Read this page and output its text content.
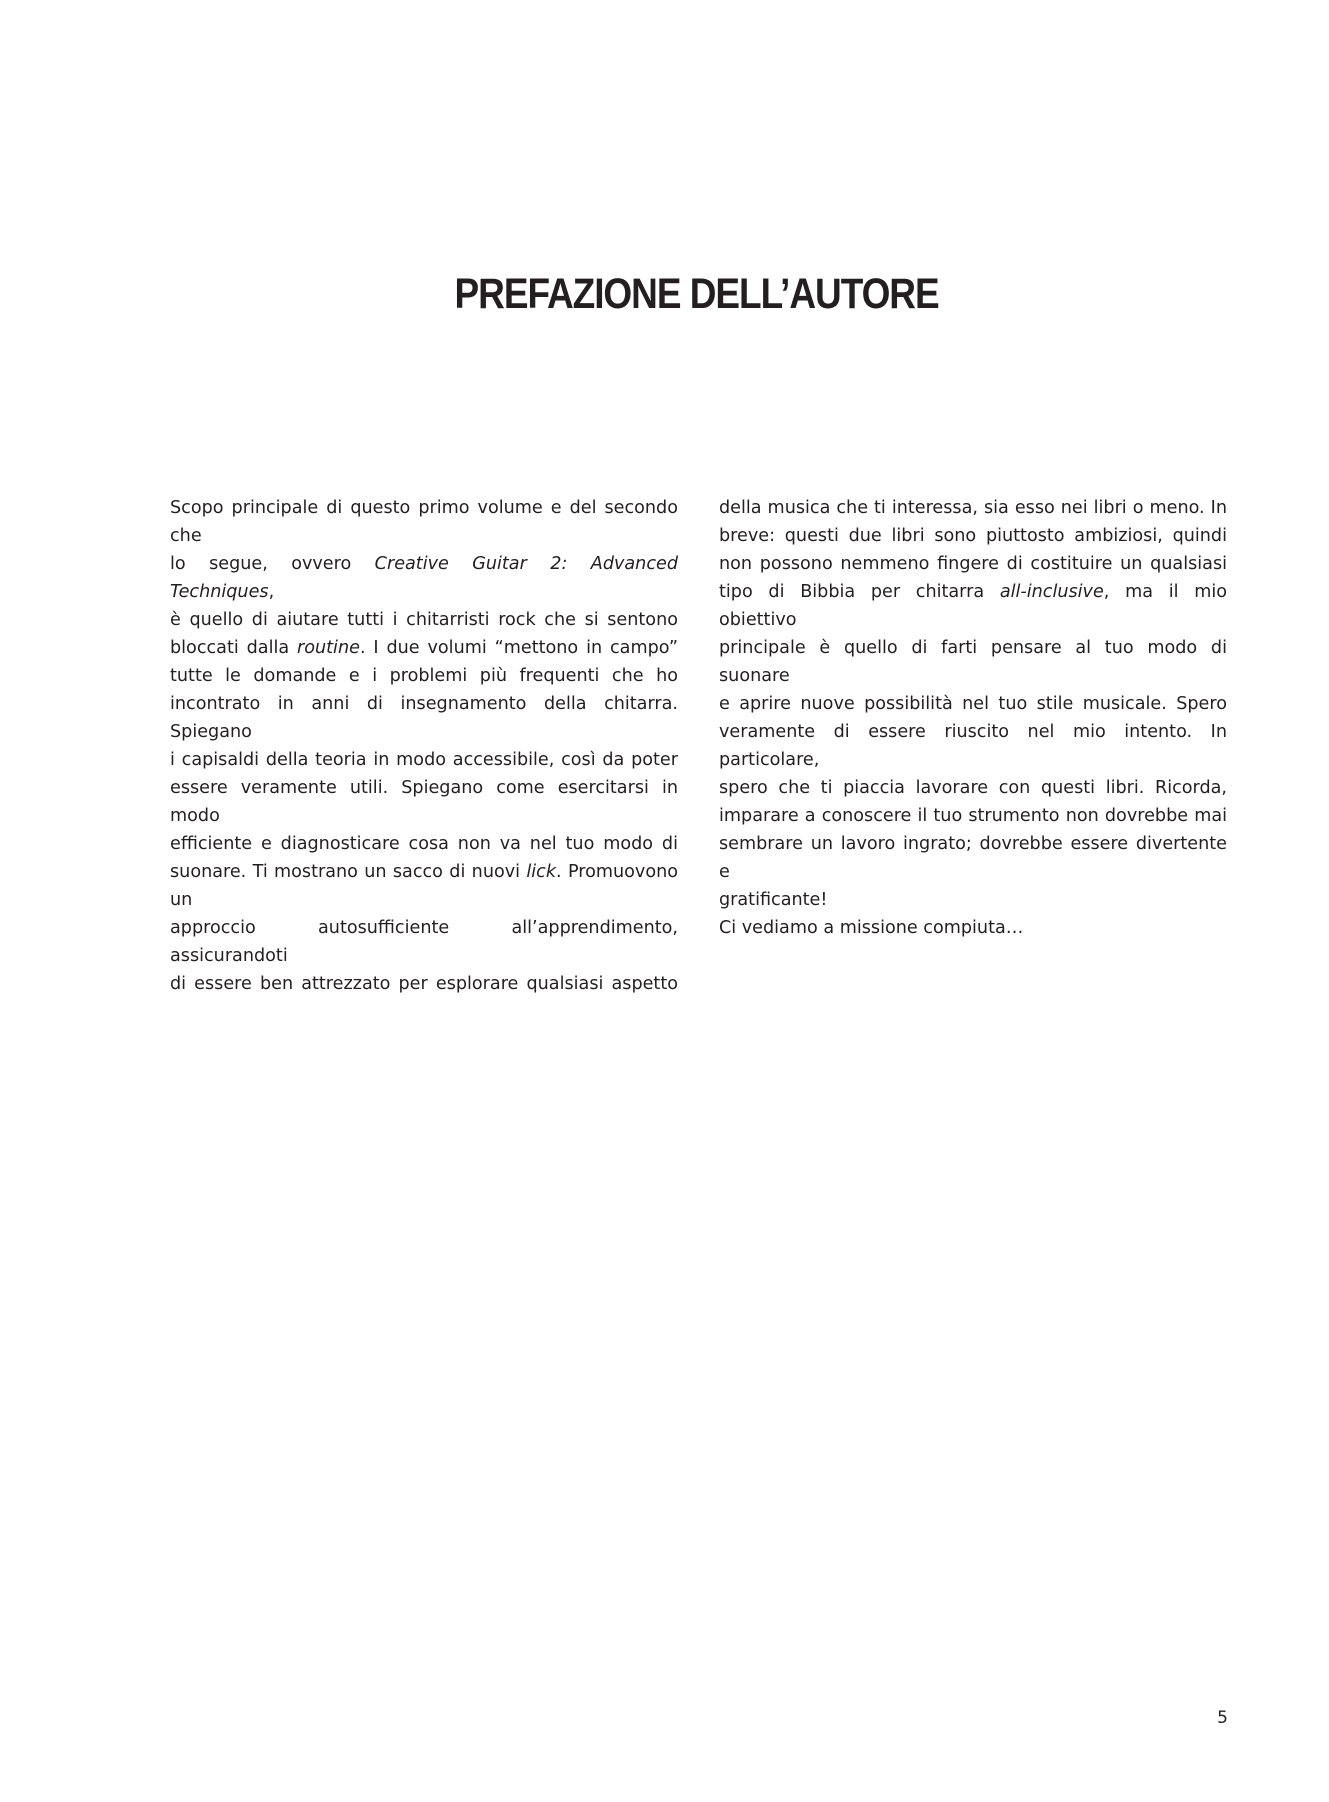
PREFAZIONE DELL’AUTORE

Scopo principale di questo primo volume e del secondo che

lo segue, ovvero Creative Guitar 2: Advanced Techniques,

è quello di aiutare tutti i chitarristi rock che si sentono

bloccati dalla routine. I due volumi “mettono in campo”

tutte le domande e i problemi più frequenti che ho

incontrato in anni di insegnamento della chitarra. Spiegano

i capisaldi della teoria in modo accessibile, così da poter

essere veramente utili. Spiegano come esercitarsi in modo

efficiente e diagnosticare cosa non va nel tuo modo di

suonare. Ti mostrano un sacco di nuovi lick. Promuovono un

approccio autosufficiente all’apprendimento, assicurandoti

di essere ben attrezzato per esplorare qualsiasi aspetto

della musica che ti interessa, sia esso nei libri o meno. In

breve: questi due libri sono piuttosto ambiziosi, quindi

non possono nemmeno fingere di costituire un qualsiasi

tipo di Bibbia per chitarra all-inclusive, ma il mio obiettivo

principale è quello di farti pensare al tuo modo di suonare

e aprire nuove possibilità nel tuo stile musicale. Spero

veramente di essere riuscito nel mio intento. In particolare,

spero che ti piaccia lavorare con questi libri. Ricorda,

imparare a conoscere il tuo strumento non dovrebbe mai

sembrare un lavoro ingrato; dovrebbe essere divertente e

gratificante!

Ci vediamo a missione compiuta…

5
